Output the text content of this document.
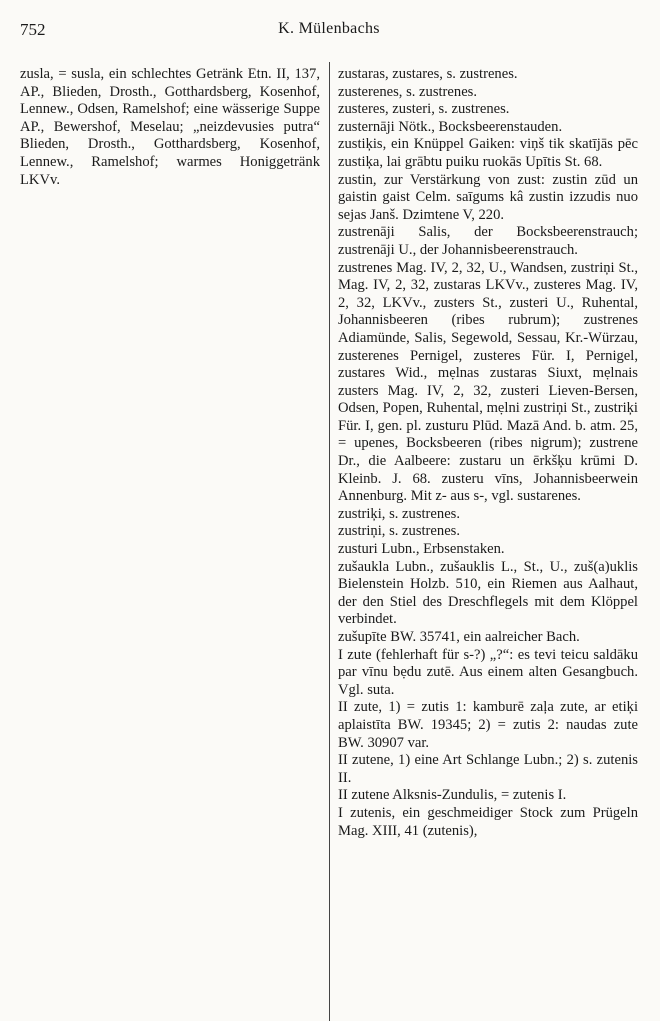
752	K. Mülenbachs

zusla, = susla, ein schlechtes Getränk Etn. II, 137, AP., Blieden, Drosth., Gotthardsberg, Kosenhof, Lennew., Odsen, Ramelshof; eine wässerige Suppe AP., Bewershof, Meselau; „neizdevusies putra“ Blieden, Drosth., Gotthardsberg, Kosenhof, Lennew., Ramelshof; warmes Honiggetränk LKVv.

zustaras, zustares, s. zustrenes.

zusterenes, s. zustrenes.

zusteres, zusteri, s. zustrenes.

zusternāji Nötk., Bocksbeerenstauden.

zustiķis, ein Knüppel Gaiken: viņš tik skatījās pēc zustiķa, lai grābtu puiku ruokās Upītis St. 68.

zustin, zur Verstärkung von zust: zustin zūd un gaistin gaist Celm. saīgums kâ zustin izzudis nuo sejas Janš. Dzimtene V, 220.

zustrenāji Salis, der Bocksbeerenstrauch; zustrenāji U., der Johannisbeerenstrauch.

zustrenes Mag. IV, 2, 32, U., Wandsen, zustriņi St., Mag. IV, 2, 32, zustaras LKVv., zusteres Mag. IV, 2, 32, LKVv., zusters St., zusteri U., Ruhental, Johannisbeeren (ribes rubrum); zustrenes Adiamünde, Salis, Segewold, Sessau, Kr.-Würzau, zusterenes Pernigel, zusteres Für. I, Pernigel, zustares Wid., mẹlnas zustaras Siuxt, mẹlnais zusters Mag. IV, 2, 32, zusteri Lieven-Bersen, Odsen, Popen, Ruhental, mẹlni zustriņi St., zustriķi Für. I, gen. pl. zusturu Plūd. Mazā And. b. atm. 25, = upenes, Bocksbeeren (ribes nigrum); zustrene Dr., die Aalbeere: zustaru un ērkšķu krūmi D. Kleinb. J. 68. zusteru vīns, Johannisbeerwein Annenburg. Mit z- aus s-, vgl. sustarenes.

zustriķi, s. zustrenes.

zustriņi, s. zustrenes.

zusturi Lubn., Erbsenstaken.

zušaukla Lubn., zušauklis L., St., U., zuš(a)uklis Bielenstein Holzb. 510, ein Riemen aus Aalhaut, der den Stiel des Dreschflegels mit dem Klöppel verbindet.

zušupīte BW. 35741, ein aalreicher Bach.

I zute (fehlerhaft für s-?) „?“: es tevi teicu saldāku par vīnu bẹdu zutē. Aus einem alten Gesangbuch. Vgl. suta.

II zute, 1) = zutis 1: kamburē zaļa zute, ar etiķi aplaistīta BW. 19345; 2) = zutis 2: naudas zute BW. 30907 var.

II zutene, 1) eine Art Schlange Lubn.; 2) s. zutenis II.

II zutene Alksnis-Zundulis, = zutenis I.

I zutenis, ein geschmeidiger Stock zum Prügeln Mag. XIII, 41 (zutenis),
